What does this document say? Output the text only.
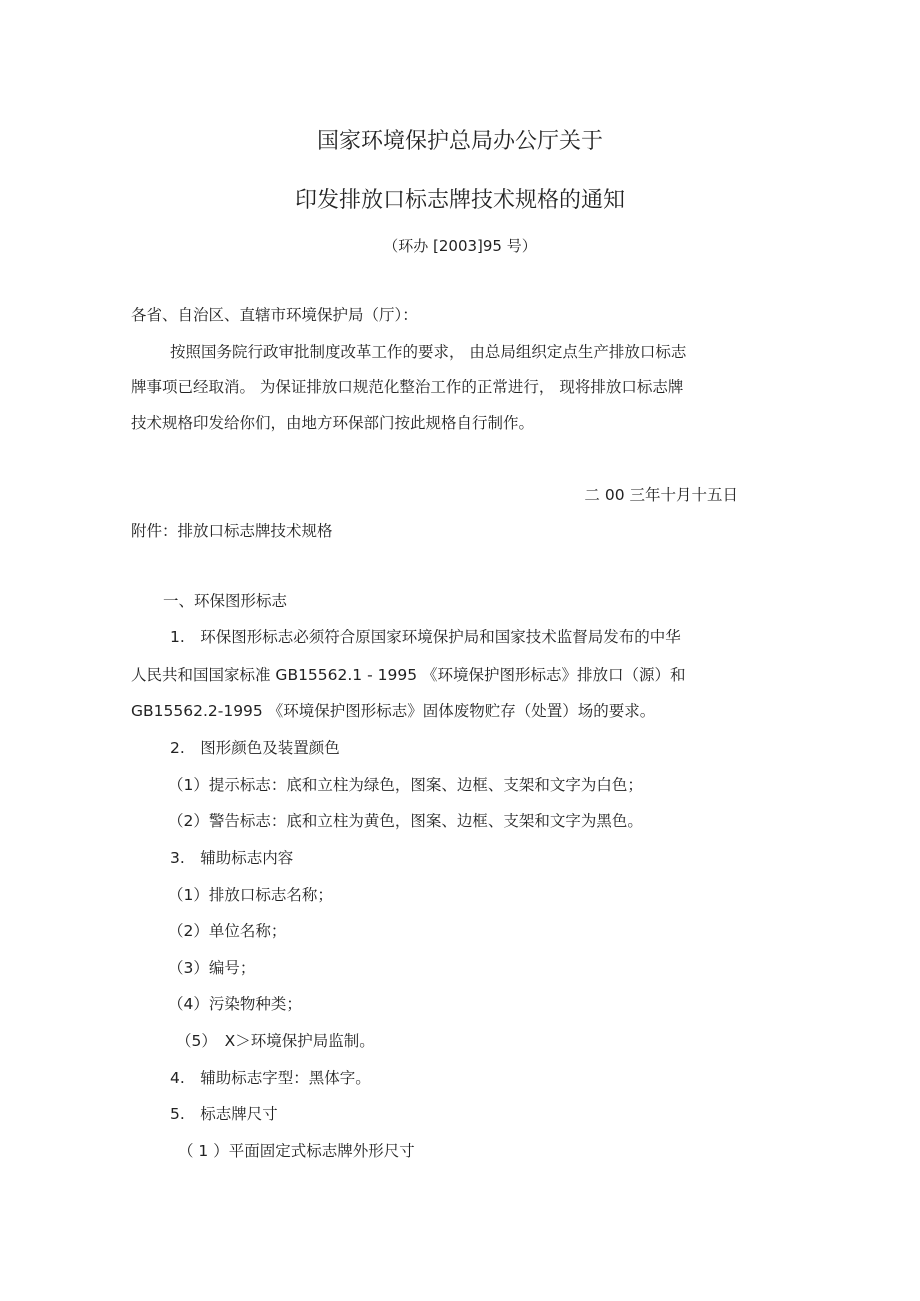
国家环境保护总局办公厅关于
印发排放口标志牌技术规格的通知
（环办 [2003]95 号）
各省、自治区、直辖市环境保护局（厅）：
按照国务院行政审批制度改革工作的要求， 由总局组织定点生产排放口标志
牌事项已经取消。 为保证排放口规范化整治工作的正常进行， 现将排放口标志牌
技术规格印发给你们，由地方环保部门按此规格自行制作。
二 00 三年十月十五日
附件：排放口标志牌技术规格
一、环保图形标志
1.　环保图形标志必须符合原国家环境保护局和国家技术监督局发布的中华
人民共和国国家标准 GB15562.1 - 1995 《环境保护图形标志》排放口（源）和
GB15562.2-1995 《环境保护图形标志》固体废物贮存（处置）场的要求。
2.　图形颜色及装置颜色
（1）提示标志：底和立柱为绿色，图案、边框、支架和文字为白色；
（2）警告标志：底和立柱为黄色，图案、边框、支架和文字为黑色。
3.　辅助标志内容
（1）排放口标志名称；
（2）单位名称；
（3）编号；
（4）污染物种类；
（5）　X＞环境保护局监制。
4.　辅助标志字型：黑体字。
5.　标志牌尺寸
（ 1 ）平面固定式标志牌外形尺寸
